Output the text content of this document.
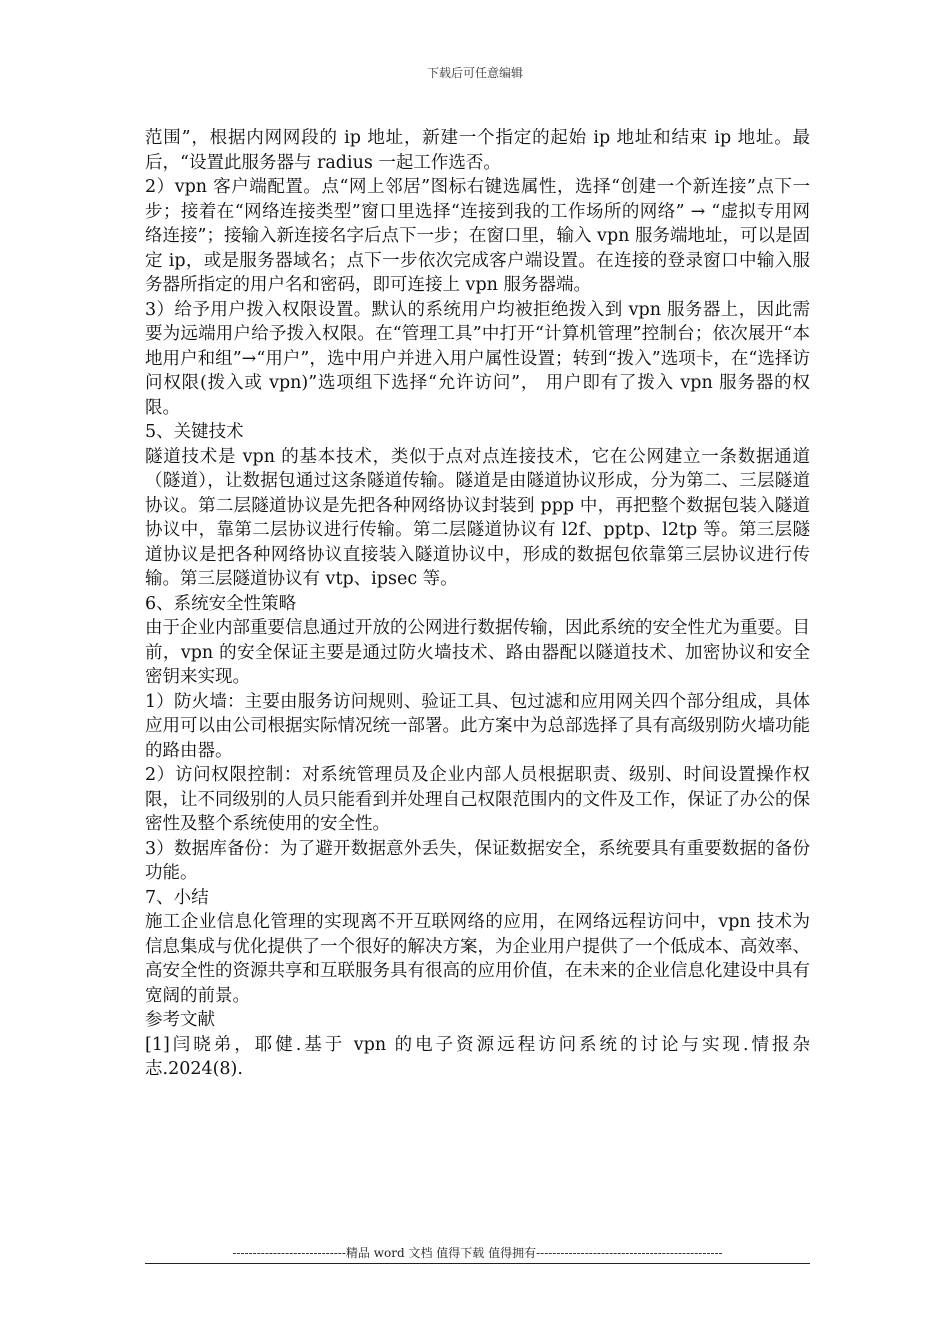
下载后可任意编辑

范围”，根据内网网段的 ip 地址，新建一个指定的起始 ip 地址和结束 ip 地址。最后，“设置此服务器与 radius 一起工作选否。

2）vpn 客户端配置。点“网上邻居”图标右键选属性，选择“创建一个新连接”点下一步；接着在“网络连接类型”窗口里选择“连接到我的工作场所的网络” → “虚拟专用网络连接”；接输入新连接名字后点下一步；在窗口里，输入 vpn 服务端地址，可以是固定 ip，或是服务器域名；点下一步依次完成客户端设置。在连接的登录窗口中输入服务器所指定的用户名和密码，即可连接上 vpn 服务器端。

3）给予用户拨入权限设置。默认的系统用户均被拒绝拨入到 vpn 服务器上，因此需要为远端用户给予拨入权限。在“管理工具”中打开“计算机管理”控制台；依次展开“本地用户和组”→“用户”，选中用户并进入用户属性设置；转到“拨入”选项卡，在“选择访问权限(拨入或 vpn)”选项组下选择“允许访问”， 用户即有了拨入 vpn 服务器的权限。

5、关键技术

隧道技术是 vpn 的基本技术，类似于点对点连接技术，它在公网建立一条数据通道（隧道），让数据包通过这条隧道传输。隧道是由隧道协议形成，分为第二、三层隧道协议。第二层隧道协议是先把各种网络协议封装到 ppp 中，再把整个数据包装入隧道协议中，靠第二层协议进行传输。第二层隧道协议有 l2f、pptp、l2tp 等。第三层隧道协议是把各种网络协议直接装入隧道协议中，形成的数据包依靠第三层协议进行传输。第三层隧道协议有 vtp、ipsec 等。

6、系统安全性策略

由于企业内部重要信息通过开放的公网进行数据传输，因此系统的安全性尤为重要。目前，vpn 的安全保证主要是通过防火墙技术、路由器配以隧道技术、加密协议和安全密钥来实现。

1）防火墙：主要由服务访问规则、验证工具、包过滤和应用网关四个部分组成，具体应用可以由公司根据实际情况统一部署。此方案中为总部选择了具有高级别防火墙功能的路由器。

2）访问权限控制：对系统管理员及企业内部人员根据职责、级别、时间设置操作权限，让不同级别的人员只能看到并处理自己权限范围内的文件及工作，保证了办公的保密性及整个系统使用的安全性。

3）数据库备份：为了避开数据意外丢失，保证数据安全，系统要具有重要数据的备份功能。

7、小结

施工企业信息化管理的实现离不开互联网络的应用，在网络远程访问中，vpn 技术为信息集成与优化提供了一个很好的解决方案，为企业用户提供了一个低成本、高效率、高安全性的资源共享和互联服务具有很高的应用价值，在未来的企业信息化建设中具有宽阔的前景。

参考文献

[1]闫晓弟，耶健.基于 vpn 的电子资源远程访问系统的讨论与实现.情报杂志.2024(8).

----------------------------精品 word 文档 值得下载 值得拥有----------------------------------------------
